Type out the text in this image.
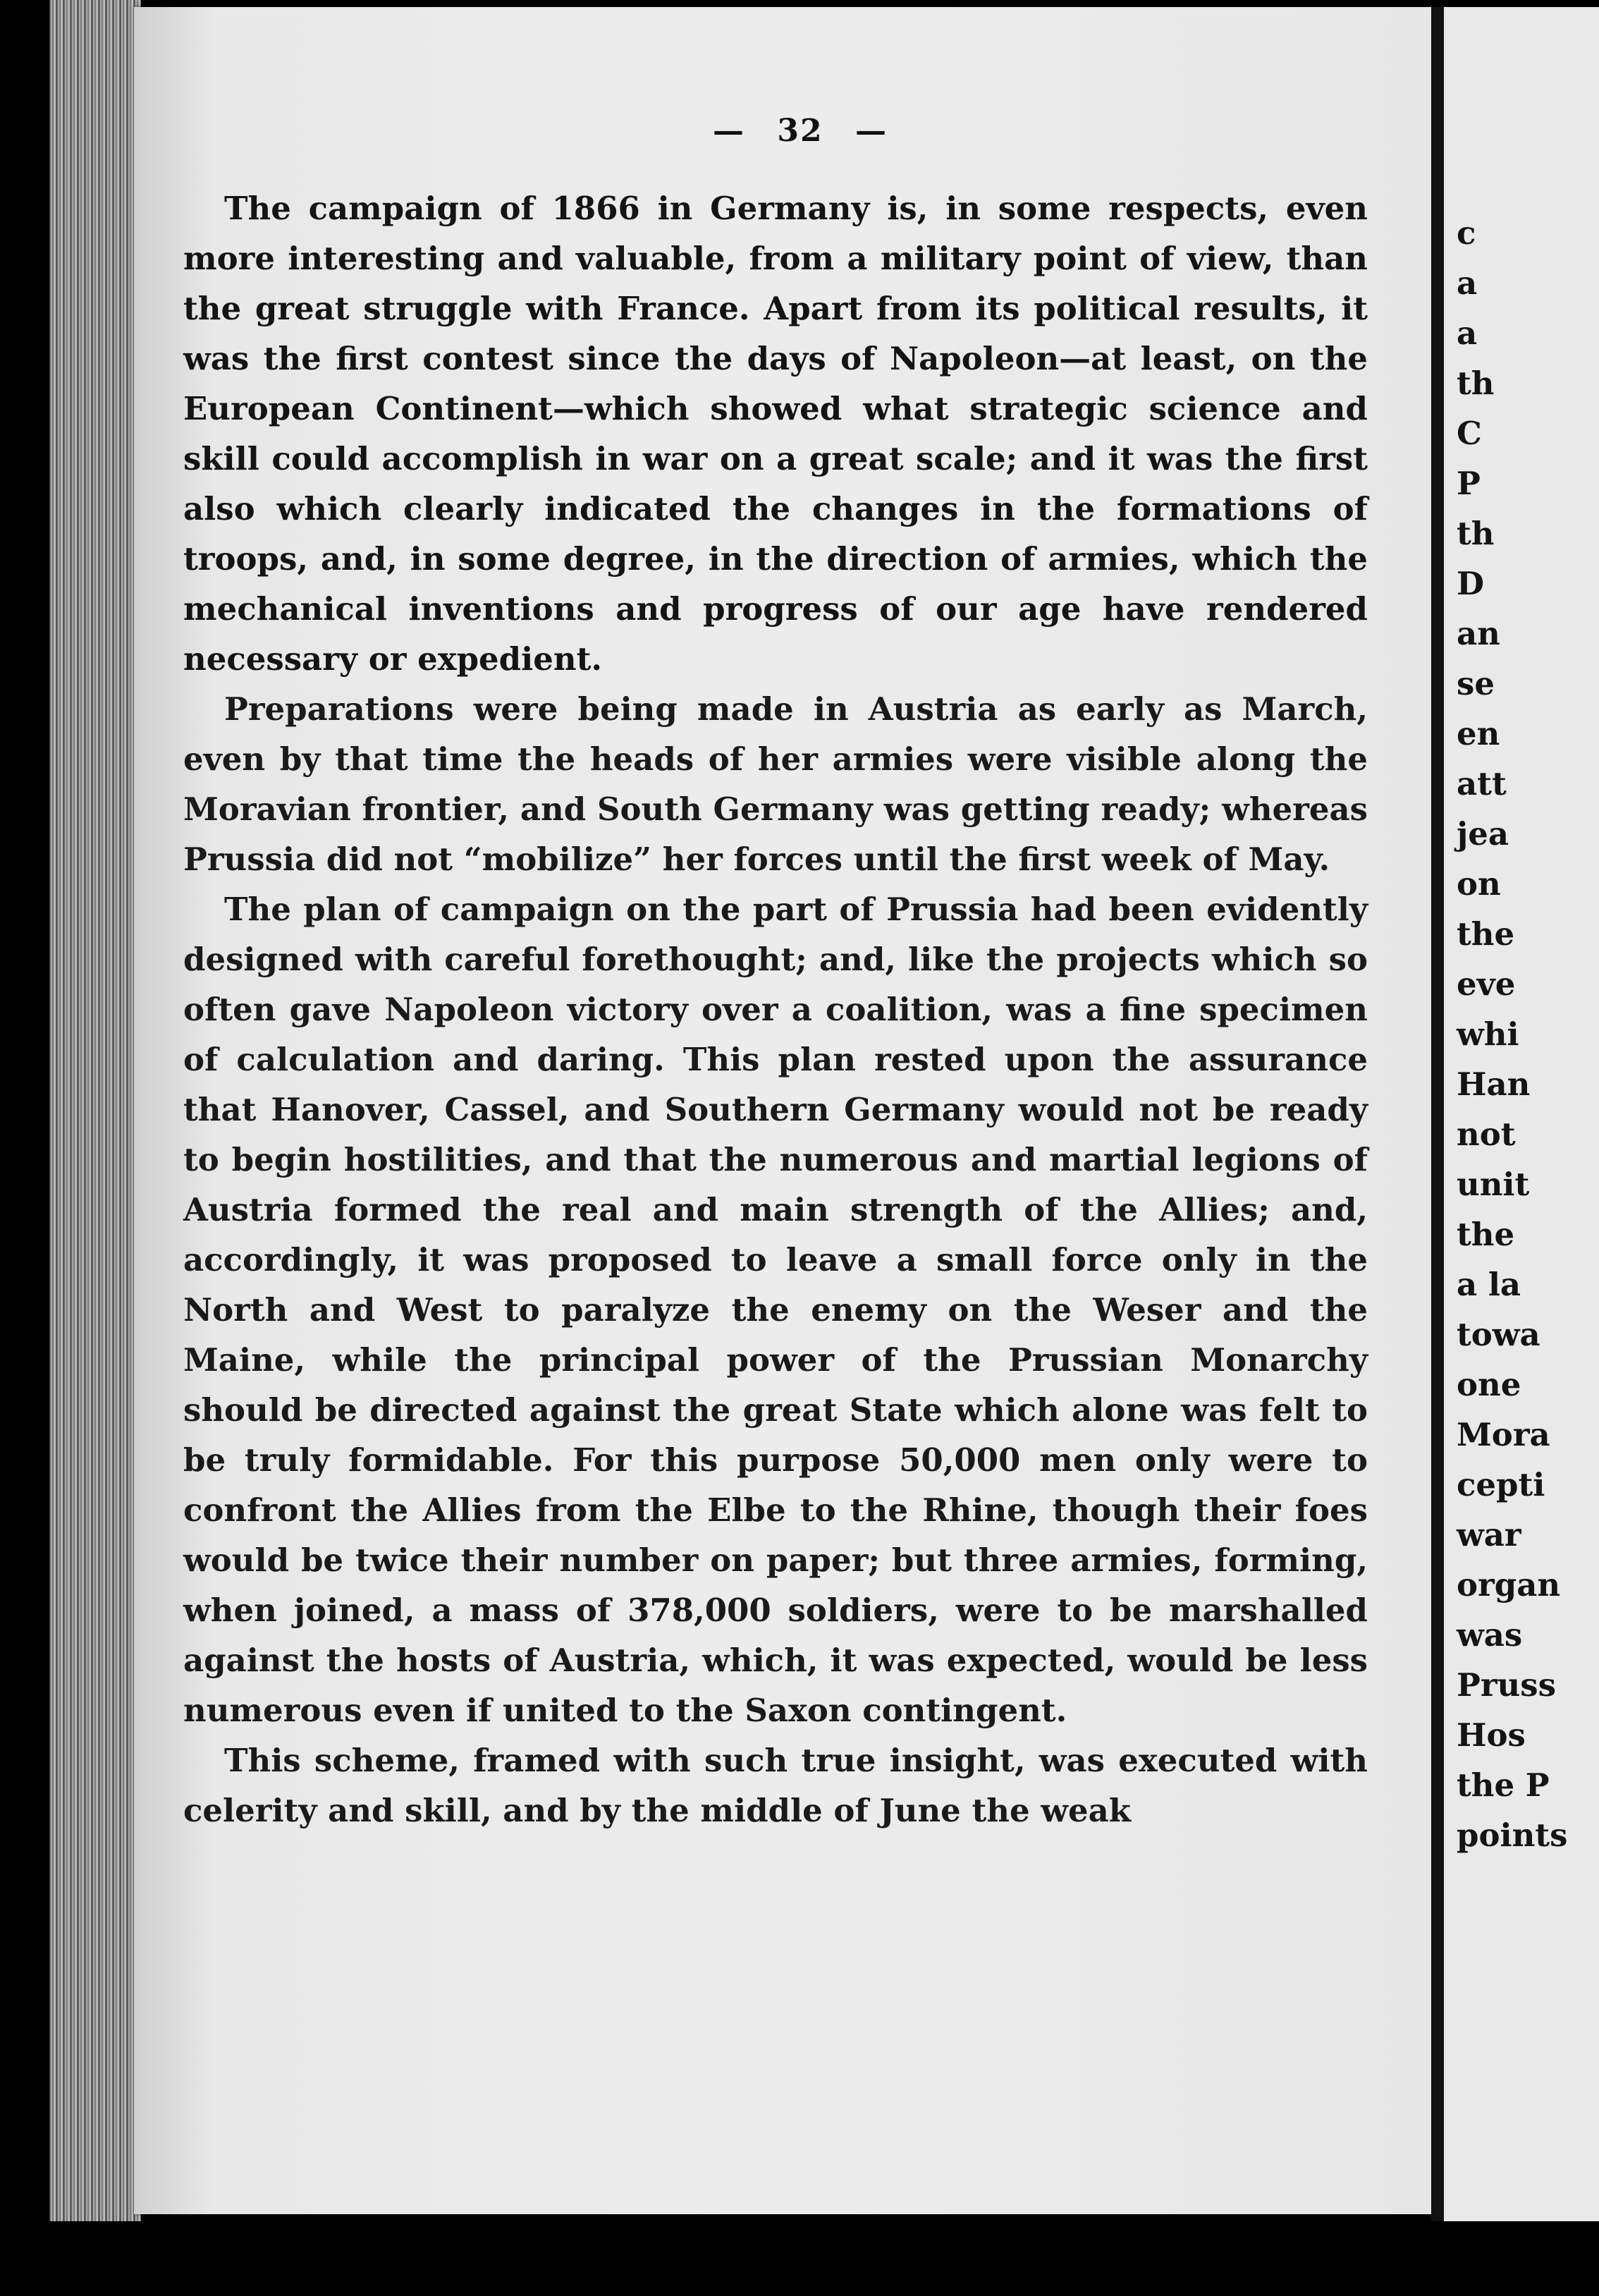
— 32 —

The campaign of 1866 in Germany is, in some respects, even more interesting and valuable, from a military point of view, than the great struggle with France. Apart from its political results, it was the first contest since the days of Napoleon—at least, on the European Continent—which showed what strategic science and skill could accomplish in war on a great scale; and it was the first also which clearly indicated the changes in the formations of troops, and, in some degree, in the direction of armies, which the mechanical inventions and progress of our age have rendered necessary or expedient.

Preparations were being made in Austria as early as March, even by that time the heads of her armies were visible along the Moravian frontier, and South Germany was getting ready; whereas Prussia did not “mobilize” her forces until the first week of May.

The plan of campaign on the part of Prussia had been evidently designed with careful forethought; and, like the projects which so often gave Napoleon victory over a coalition, was a fine specimen of calculation and daring. This plan rested upon the assurance that Hanover, Cassel, and Southern Germany would not be ready to begin hostilities, and that the numerous and martial legions of Austria formed the real and main strength of the Allies; and, accordingly, it was proposed to leave a small force only in the North and West to paralyze the enemy on the Weser and the Maine, while the principal power of the Prussian Monarchy should be directed against the great State which alone was felt to be truly formidable. For this purpose 50,000 men only were to confront the Allies from the Elbe to the Rhine, though their foes would be twice their number on paper; but three armies, forming, when joined, a mass of 378,000 soldiers, were to be marshalled against the hosts of Austria, which, it was expected, would be less numerous even if united to the Saxon contingent.

This scheme, framed with such true insight, was executed with celerity and skill, and by the middle of June the weak

c
a
a
th
C
P
th
D
an
se
en
att
jea
on
the
eve
whi
Han
not
unit
the
a la
towa
one
Mora
cepti
war
organ
was
Pruss
Hos
the P
points
